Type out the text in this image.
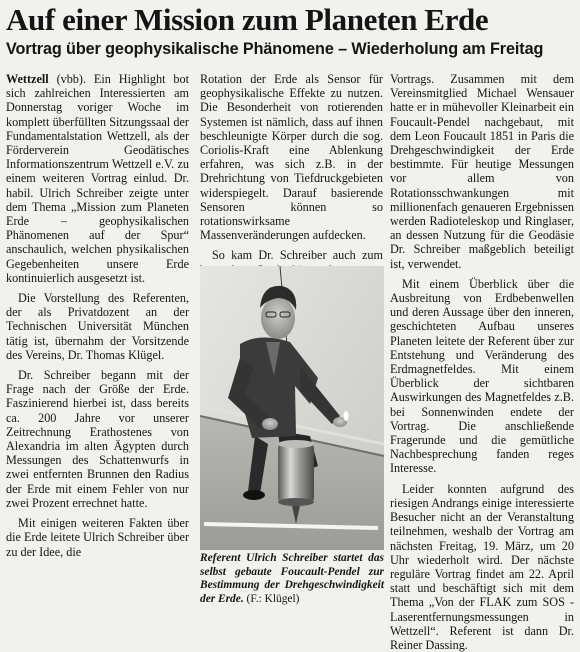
Auf einer Mission zum Planeten Erde
Vortrag über geophysikalische Phänomene – Wiederholung am Freitag

Wettzell (vbb). Ein Highlight bot sich zahlreichen Interessierten am Donnerstag voriger Woche im komplett überfüllten Sitzungssaal der Fundamentalstation Wettzell, als der Förderverein Geodätisches Informationszentrum Wettzell e.V. zu einem weiteren Vortrag einlud. Dr. habil. Ulrich Schreiber zeigte unter dem Thema „Mission zum Planeten Erde – geophysikalischen Phänomenen auf der Spur“ anschaulich, welchen physikalischen Gegebenheiten unsere Erde kontinuierlich ausgesetzt ist.

Die Vorstellung des Referenten, der als Privatdozent an der Technischen Universität München tätig ist, übernahm der Vorsitzende des Vereins, Dr. Thomas Klügel.

Dr. Schreiber begann mit der Frage nach der Größe der Erde. Faszinierend hierbei ist, dass bereits ca. 200 Jahre vor unserer Zeitrechnung Erathostenes von Alexandria im alten Ägypten durch Messungen des Schattenwurfs in zwei entfernten Brunnen den Radius der Erde mit einem Fehler von nur zwei Prozent errechnet hatte.

Mit einigen weiteren Fakten über die Erde leitete Ulrich Schreiber über zu der Idee, die

Rotation der Erde als Sensor für geophysikalische Effekte zu nutzen. Die Besonderheit von rotierenden Systemen ist nämlich, dass auf ihnen beschleunigte Körper durch die sog. Coriolis-Kraft eine Ablenkung erfahren, was sich z.B. in der Drehrichtung von Tiefdruckgebieten widerspiegelt. Darauf basierende Sensoren können so rotationswirksame Massenveränderungen aufdecken.

So kam Dr. Schreiber auch zum

Referent Ulrich Schreiber startet das selbst gebaute Foucault-Pendel zur Bestimmung der Drehgeschwindigkeit der Erde. (F.: Klügel)

Vortrags. Zusammen mit dem Vereinsmitglied Michael Wensauer hatte er in mühevoller Kleinarbeit ein Foucault-Pendel nachgebaut, mit dem Leon Foucault 1851 in Paris die Drehgeschwindigkeit der Erde bestimmte. Für heutige Messungen vor allem von Rotationsschwankungen mit millionenfach genaueren Ergebnissen werden Radioteleskop und Ringlaser, an dessen Nutzung für die Geodäsie Dr. Schreiber maßgeblich beteiligt ist, verwendet.

Mit einem Überblick über die Ausbreitung von Erdbebenwellen und deren Aussage über den inneren, geschichteten Aufbau unseres Planeten leitete der Referent über zur Entstehung und Veränderung des Erdmagnetfeldes. Mit einem Überblick der sichtbaren Auswirkungen des Magnetfeldes z.B. bei Sonnenwinden endete der Vortrag. Die anschließende Fragerunde und die gemütliche Nachbesprechung fanden reges Interesse.

Leider konnten aufgrund des riesigen Andrangs einige interessierte Besucher nicht an der Veranstaltung teilnehmen, weshalb der Vortrag am nächsten Freitag, 19. März, um 20 Uhr wiederholt wird. Der nächste reguläre Vortrag findet am 22. April statt und beschäftigt sich mit dem Thema „Von der FLAK zum SOS - Laserentfernungsmessungen in Wettzell“. Referent ist dann Dr. Reiner Dassing.
